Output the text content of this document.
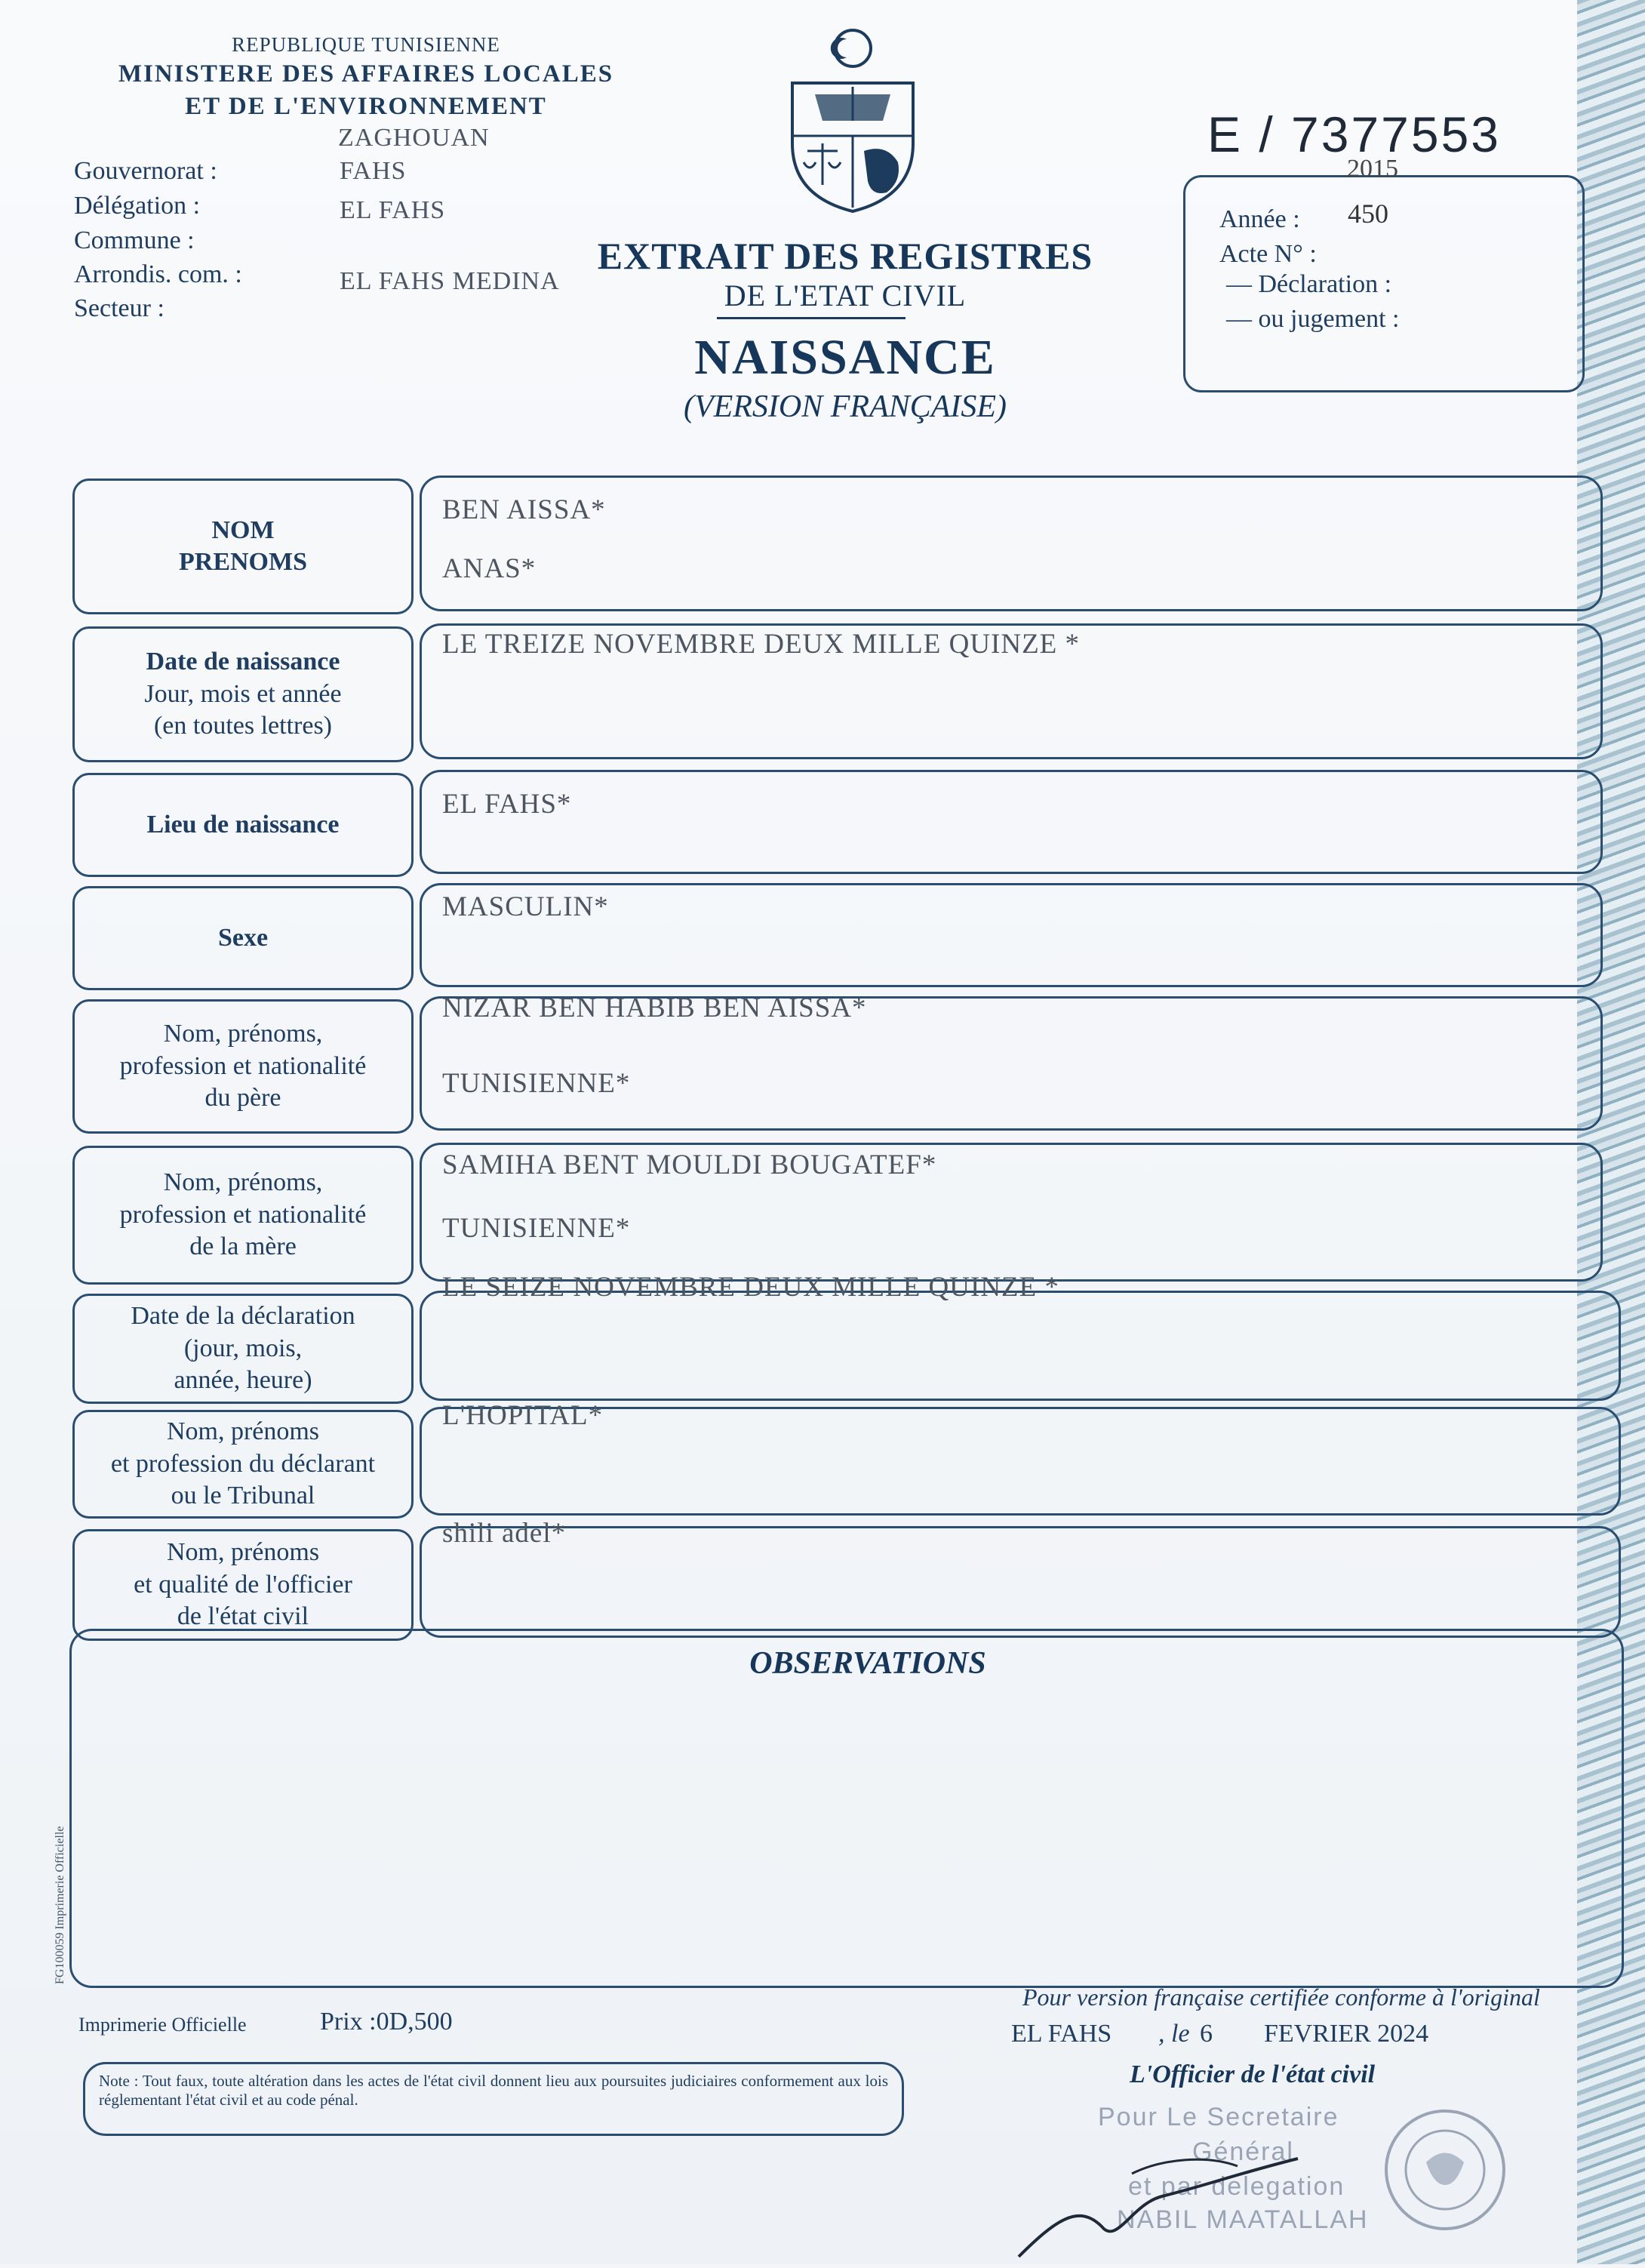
REPUBLIQUE TUNISIENNE
MINISTERE DES AFFAIRES LOCALES
ET DE L'ENVIRONNEMENT
ZAGHOUAN
Gouvernorat :
Délégation :
Commune :
Arrondis. com. :
Secteur :
FAHS
EL FAHS
EL FAHS MEDINA
E / 7377553
2015
Année : 450
Acte N° :
— Déclaration :
— ou jugement :
EXTRAIT DES REGISTRES
DE L'ETAT CIVIL
NAISSANCE
(VERSION FRANÇAISE)
NOM
PRENOMS
BEN AISSA*
ANAS*
Date de naissance
Jour, mois et année
(en toutes lettres)
LE TREIZE NOVEMBRE DEUX MILLE QUINZE *
Lieu de naissance
EL FAHS*
Sexe
MASCULIN*
Nom, prénoms,
profession et nationalité
du père
NIZAR BEN HABIB BEN AISSA*
TUNISIENNE*
Nom, prénoms,
profession et nationalité
de la mère
SAMIHA BENT MOULDI BOUGATEF*
TUNISIENNE*
Date de la déclaration
(jour, mois,
année, heure)
LE SEIZE NOVEMBRE DEUX MILLE QUINZE *
Nom, prénoms
et profession du déclarant
ou le Tribunal
L'HOPITAL*
Nom, prénoms
et qualité de l'officier
de l'état civil
shili adel*
OBSERVATIONS
FG100059 Imprimerie Officielle
Imprimerie Officielle	Prix :0D,500
Note : Tout faux, toute altération dans les actes de l'état civil donnent lieu aux poursuites judiciaires conformement aux lois réglementant l'état civil et au code pénal.
Pour version française certifiée conforme à l'original
EL FAHS , le 6 FEVRIER 2024
L'Officier de l'état civil
Pour Le Secretaire
Général
et par delegation
NABIL MAATALLAH
